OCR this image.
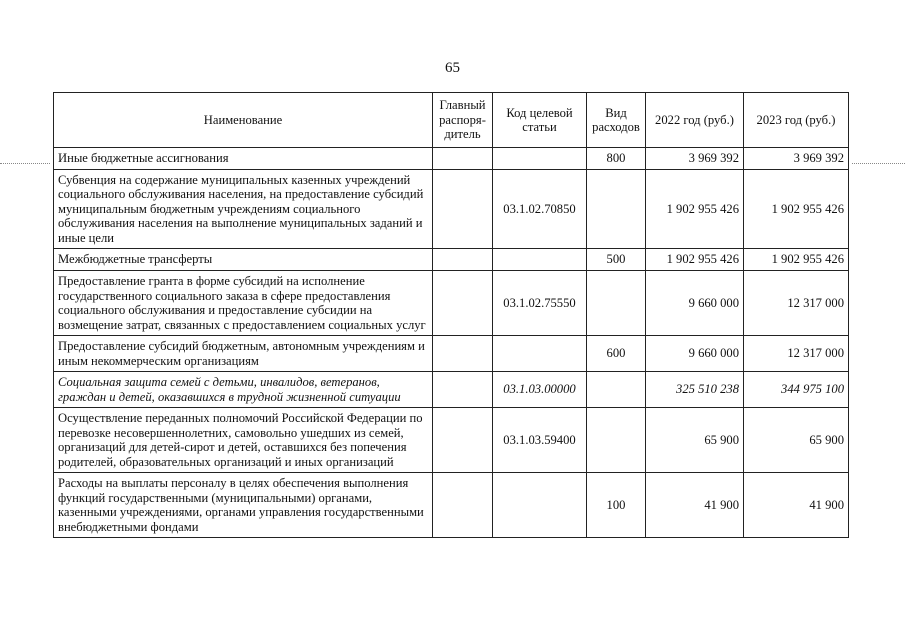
65
Наименование	Главный распоря-дитель	Код целевой статьи	Вид расходов	2022 год (руб.)	2023 год (руб.)
Иные бюджетные ассигнования			800	3 969 392	3 969 392
Субвенция на содержание муниципальных казенных учреждений социального обслуживания населения, на предоставление субсидий муниципальным бюджетным учреждениям социального обслуживания населения на выполнение муниципальных заданий и иные цели		03.1.02.70850		1 902 955 426	1 902 955 426
Межбюджетные трансферты			500	1 902 955 426	1 902 955 426
Предоставление гранта в форме субсидий на исполнение государственного социального заказа в сфере предоставления социального обслуживания и предоставление субсидии на возмещение затрат, связанных с предоставлением социальных услуг		03.1.02.75550		9 660 000	12 317 000
Предоставление субсидий бюджетным, автономным учреждениям и иным некоммерческим организациям			600	9 660 000	12 317 000
Социальная защита семей с детьми, инвалидов, ветеранов, граждан и детей, оказавшихся в трудной жизненной ситуации		03.1.03.00000		325 510 238	344 975 100
Осуществление переданных полномочий Российской Федерации по перевозке несовершеннолетних, самовольно ушедших из семей, организаций для детей-сирот и детей, оставшихся без попечения родителей, образовательных организаций и иных организаций		03.1.03.59400		65 900	65 900
Расходы на выплаты персоналу в целях обеспечения выполнения функций государственными (муниципальными) органами, казенными учреждениями, органами управления государственными внебюджетными фондами			100	41 900	41 900
